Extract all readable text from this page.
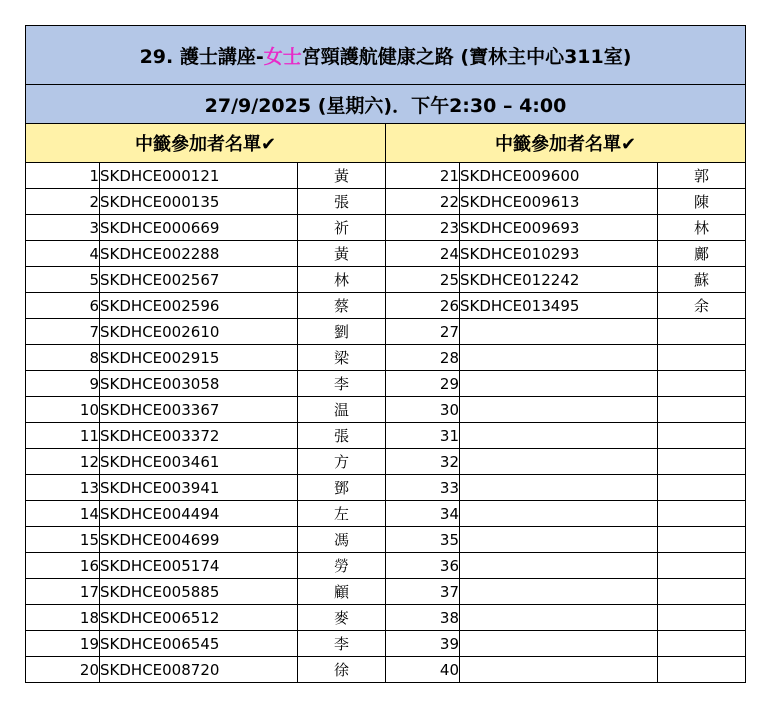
29. 護士講座-女士宮頸護航健康之路 (寶林主中心311室)					
27/9/2025 (星期六)．下午2:30 – 4:00					
中籤參加者名單✔			中籤參加者名單✔		
1	SKDHCE000121	黃	21	SKDHCE009600	郭
2	SKDHCE000135	張	22	SKDHCE009613	陳
3	SKDHCE000669	祈	23	SKDHCE009693	林
4	SKDHCE002288	黃	24	SKDHCE010293	鄺
5	SKDHCE002567	林	25	SKDHCE012242	蘇
6	SKDHCE002596	蔡	26	SKDHCE013495	余
7	SKDHCE002610	劉	27		
8	SKDHCE002915	梁	28		
9	SKDHCE003058	李	29		
10	SKDHCE003367	温	30		
11	SKDHCE003372	張	31		
12	SKDHCE003461	方	32		
13	SKDHCE003941	鄧	33		
14	SKDHCE004494	左	34		
15	SKDHCE004699	馮	35		
16	SKDHCE005174	勞	36		
17	SKDHCE005885	顧	37		
18	SKDHCE006512	麥	38		
19	SKDHCE006545	李	39		
20	SKDHCE008720	徐	40		
